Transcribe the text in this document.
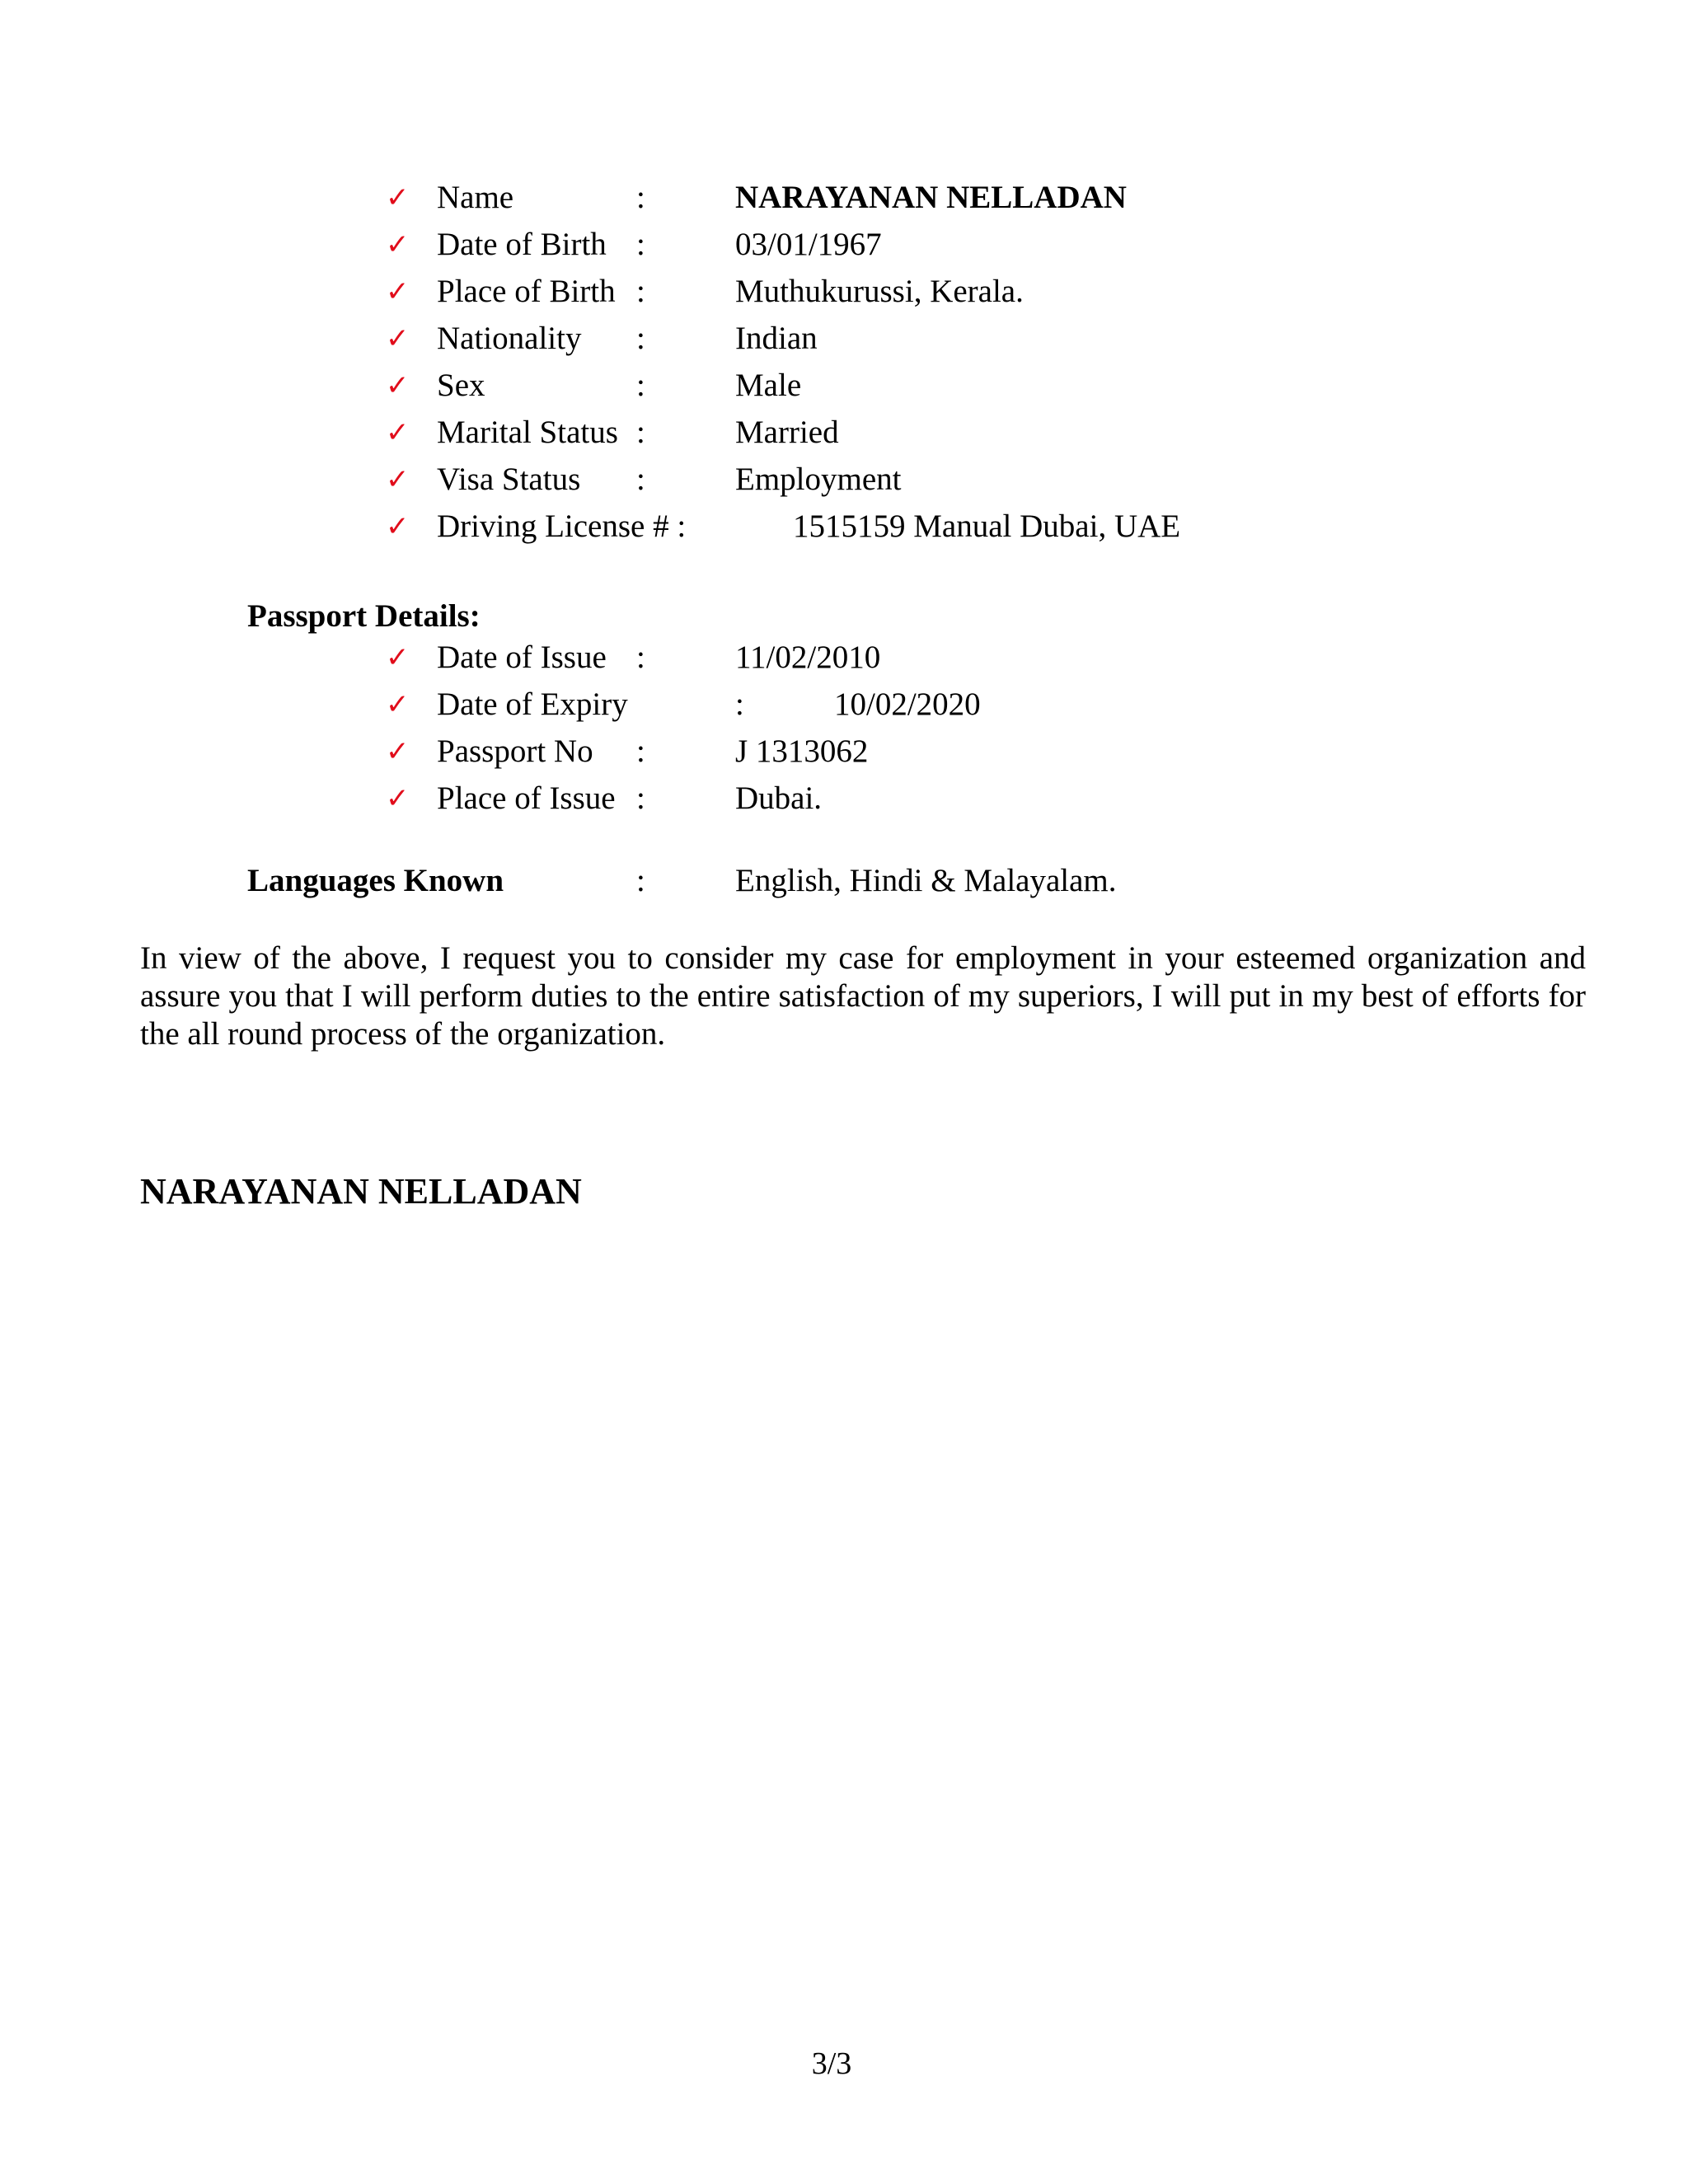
✓ Name	:	NARAYANAN NELLADAN
✓ Date of Birth :	03/01/1967
✓ Place of Birth :	Muthukurussi, Kerala.
✓ Nationality :	Indian
✓ Sex	:	Male
✓ Marital Status :	Married
✓ Visa Status :	Employment
✓ Driving License # :	1515159 Manual Dubai, UAE
Passport Details:
✓ Date of Issue :	11/02/2010
✓ Date of Expiry	:	10/02/2020
✓ Passport No :	J 1313062
✓ Place of Issue :	Dubai.
Languages Known	:	English, Hindi & Malayalam.
In view of the above, I request you to consider my case for employment in your esteemed organization and assure you that I will perform duties to the entire satisfaction of my superiors, I will put in my best of efforts for the all round process of the organization.
NARAYANAN NELLADAN
3/3
